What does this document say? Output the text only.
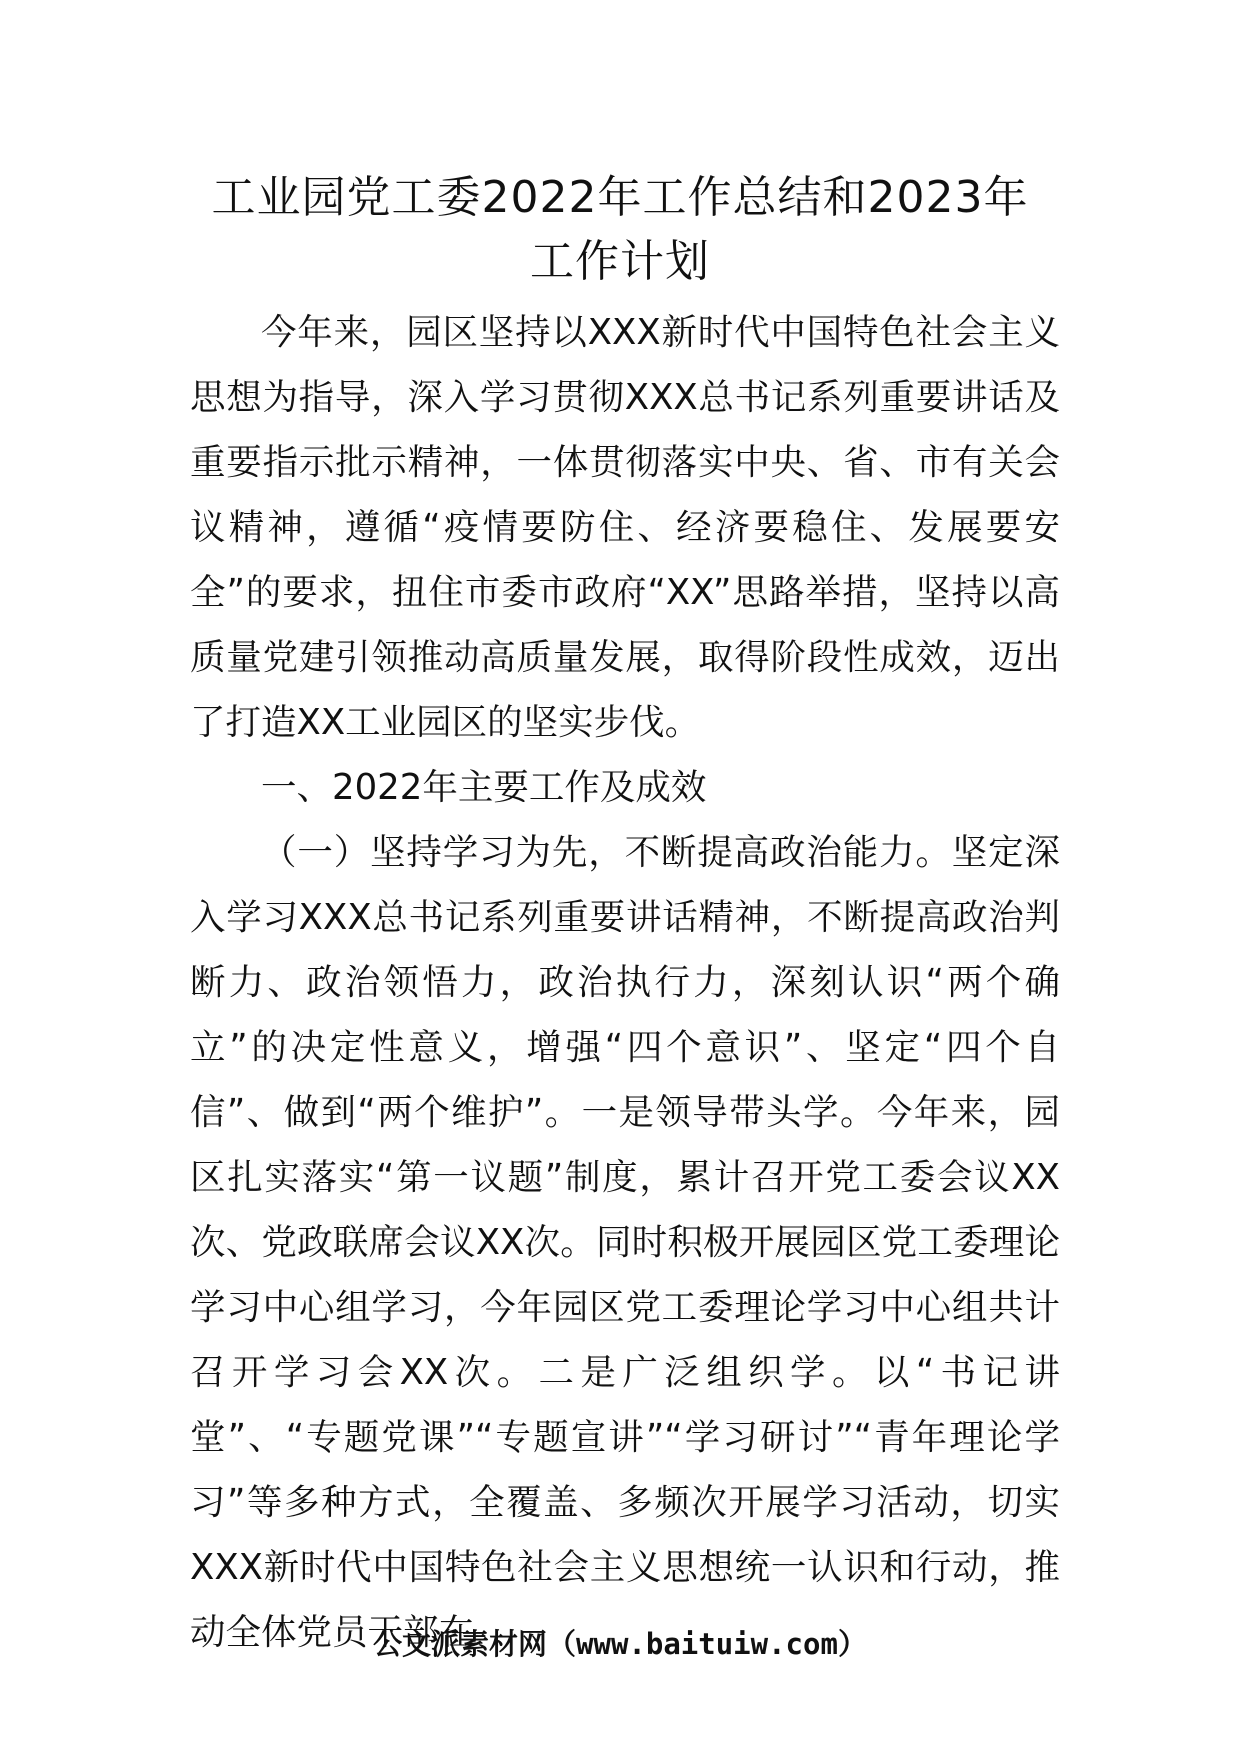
工业园党工委2022年工作总结和2023年
工作计划

今年来，园区坚持以XXX新时代中国特色社会主义思想为指导，深入学习贯彻XXX总书记系列重要讲话及重要指示批示精神，一体贯彻落实中央、省、市有关会议精神，遵循“疫情要防住、经济要稳住、发展要安全”的要求，扭住市委市政府“XX”思路举措，坚持以高质量党建引领推动高质量发展，取得阶段性成效，迈出了打造XX工业园区的坚实步伐。

一、2022年主要工作及成效

（一）坚持学习为先，不断提高政治能力。坚定深入学习XXX总书记系列重要讲话精神，不断提高政治判断力、政治领悟力，政治执行力，深刻认识“两个确立”的决定性意义，增强“四个意识”、坚定“四个自信”、做到“两个维护”。一是领导带头学。今年来，园区扎实落实“第一议题”制度，累计召开党工委会议XX次、党政联席会议XX次。同时积极开展园区党工委理论学习中心组学习，今年园区党工委理论学习中心组共计召开学习会XX次。二是广泛组织学。以“书记讲堂”、“专题党课”“专题宣讲”“学习研讨”“青年理论学习”等多种方式，全覆盖、多频次开展学习活动，切实XXX新时代中国特色社会主义思想统一认识和行动，推动全体党员干部在

公文派素材网（www.baituiw.com）
